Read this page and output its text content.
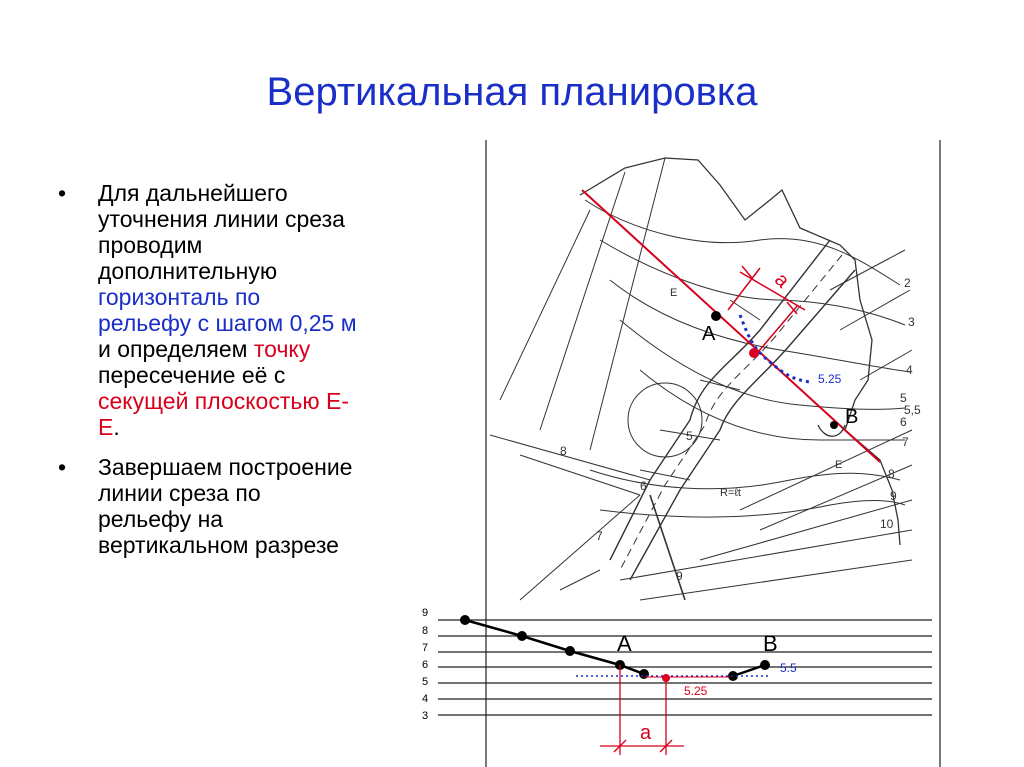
Вертикальная планировка
• Для дальнейшего уточнения линии среза проводим дополнительную горизонталь по рельефу с шагом 0,25 м и определяем точку пересечение её с секущей плоскостью Е-Е.
• Завершаем построение линии среза по рельефу на вертикальном разрезе
A
B
a
5.25
E
E
R=ℓt
2
3
4
5
5,5
6
7
8
9
10
5
6
7
8
9
9
8
7
6
5
4
3
A	B
5.5
5.25
a
